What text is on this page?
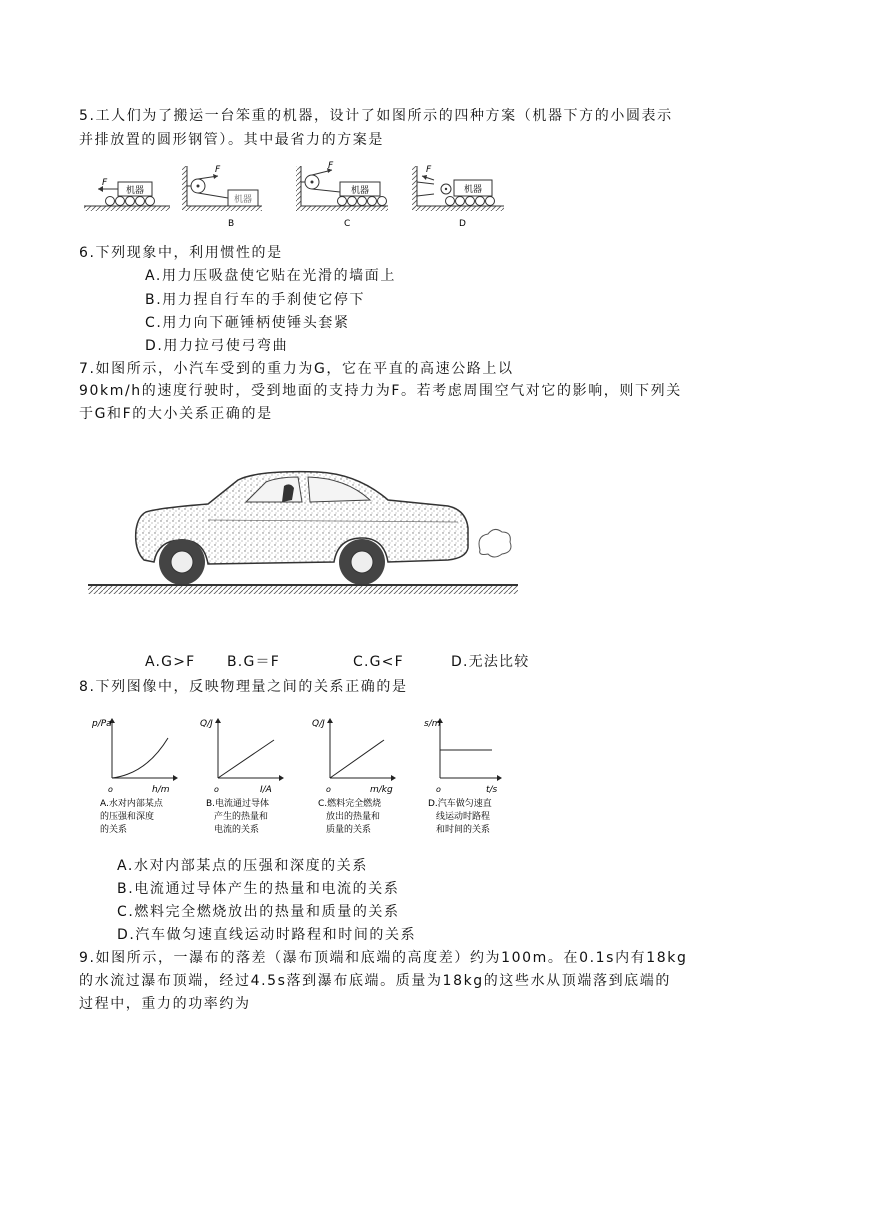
5.工人们为了搬运一台笨重的机器，设计了如图所示的四种方案（机器下方的小圆表示
并排放置的圆形钢管）。其中最省力的方案是
机器
F
F
机器
B
F
机器
C
F
机器
D
6.下列现象中，利用惯性的是
A.用力压吸盘使它贴在光滑的墙面上
B.用力捏自行车的手刹使它停下
C.用力向下砸锤柄使锤头套紧
D.用力拉弓使弓弯曲
7.如图所示，小汽车受到的重力为G，它在平直的高速公路上以
90km/h的速度行驶时，受到地面的支持力为F。若考虑周围空气对它的影响，则下列关
于G和F的大小关系正确的是
A.G>F B.G＝F	C.G<F	D.无法比较
8.下列图像中，反映物理量之间的关系正确的是
p/Pa
h/m
o
A.水对内部某点
的压强和深度
的关系
Q/J
I/A
o
B.电流通过导体
产生的热量和
电流的关系
Q/J
m/kg
o
C.燃料完全燃烧
放出的热量和
质量的关系
s/m
t/s
o
D.汽车做匀速直
线运动时路程
和时间的关系
A.水对内部某点的压强和深度的关系
B.电流通过导体产生的热量和电流的关系
C.燃料完全燃烧放出的热量和质量的关系
D.汽车做匀速直线运动时路程和时间的关系
9.如图所示，一瀑布的落差（瀑布顶端和底端的高度差）约为100m。在0.1s内有18kg
的水流过瀑布顶端，经过4.5s落到瀑布底端。质量为18kg的这些水从顶端落到底端的
过程中，重力的功率约为
